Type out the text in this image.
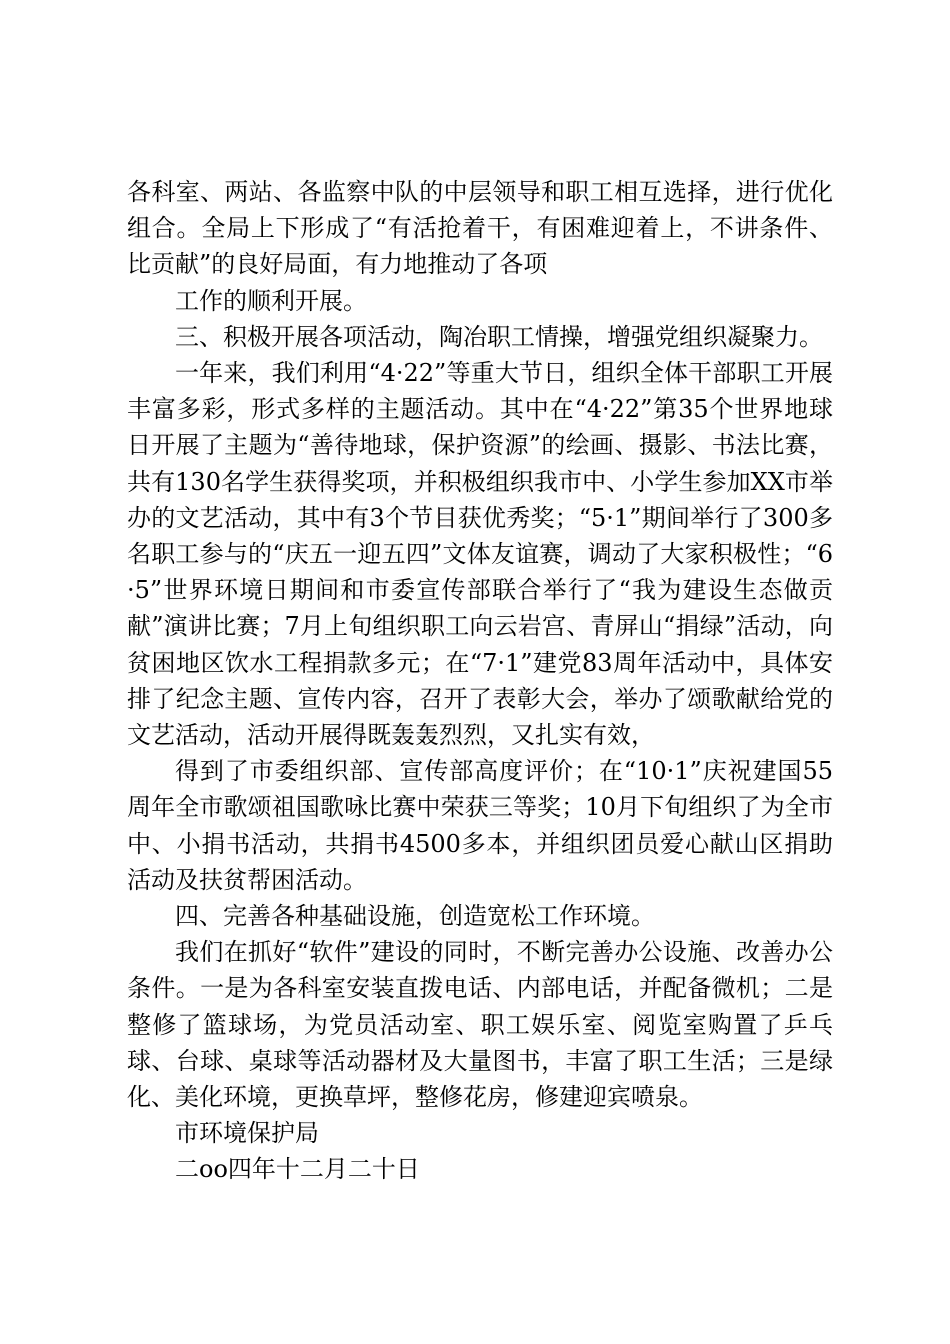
各科室、两站、各监察中队的中层领导和职工相互选择，进行优化组合。全局上下形成了“有活抢着干，有困难迎着上，不讲条件、比贡献”的良好局面，有力地推动了各项

工作的顺利开展。

三、积极开展各项活动，陶冶职工情操，增强党组织凝聚力。

一年来，我们利用“4·22”等重大节日，组织全体干部职工开展丰富多彩，形式多样的主题活动。其中在“4·22”第35个世界地球日开展了主题为“善待地球，保护资源”的绘画、摄影、书法比赛，共有130名学生获得奖项，并积极组织我市中、小学生参加XX市举办的文艺活动，其中有3个节目获优秀奖；“5·1”期间举行了300多名职工参与的“庆五一迎五四”文体友谊赛，调动了大家积极性；“6·5”世界环境日期间和市委宣传部联合举行了“我为建设生态做贡献”演讲比赛；7月上旬组织职工向云岩宫、青屏山“捐绿”活动，向贫困地区饮水工程捐款多元；在“7·1”建党83周年活动中，具体安排了纪念主题、宣传内容，召开了表彰大会，举办了颂歌献给党的文艺活动，活动开展得既轰轰烈烈，又扎实有效，

得到了市委组织部、宣传部高度评价；在“10·1”庆祝建国55周年全市歌颂祖国歌咏比赛中荣获三等奖；10月下旬组织了为全市中、小捐书活动，共捐书4500多本，并组织团员爱心献山区捐助活动及扶贫帮困活动。

四、完善各种基础设施，创造宽松工作环境。

我们在抓好“软件”建设的同时，不断完善办公设施、改善办公条件。一是为各科室安装直拨电话、内部电话，并配备微机；二是整修了篮球场，为党员活动室、职工娱乐室、阅览室购置了乒乓球、台球、桌球等活动器材及大量图书，丰富了职工生活；三是绿化、美化环境，更换草坪，整修花房，修建迎宾喷泉。

市环境保护局

二oo四年十二月二十日
